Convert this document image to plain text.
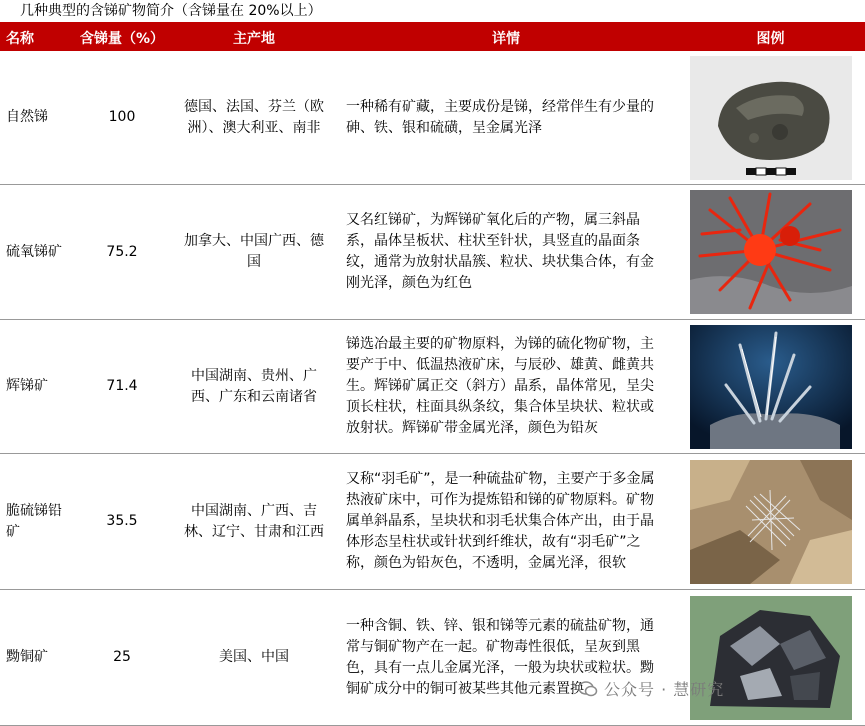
几种典型的含锑矿物简介（含锑量在 20%以上）
名称	含锑量（%）	主产地	详情	图例
自然锑	100	德国、法国、芬兰（欧洲）、澳大利亚、南非	一种稀有矿藏，主要成份是锑，经常伴生有少量的砷、铁、银和硫磺，呈金属光泽	
硫氧锑矿	75.2	加拿大、中国广西、德国	又名红锑矿，为辉锑矿氧化后的产物，属三斜晶系，晶体呈板状、柱状至针状，具竖直的晶面条纹，通常为放射状晶簇、粒状、块状集合体，有金刚光泽，颜色为红色	
辉锑矿	71.4	中国湖南、贵州、广西、广东和云南诸省	锑选冶最主要的矿物原料，为锑的硫化物矿物，主要产于中、低温热液矿床，与辰砂、雄黄、雌黄共生。辉锑矿属正交（斜方）晶系，晶体常见，呈尖顶长柱状，柱面具纵条纹，集合体呈块状、粒状或放射状。辉锑矿带金属光泽，颜色为铅灰	
脆硫锑铅矿	35.5	中国湖南、广西、吉林、辽宁、甘肃和江西	又称“羽毛矿”，是一种硫盐矿物，主要产于多金属热液矿床中，可作为提炼铅和锑的矿物原料。矿物属单斜晶系，呈块状和羽毛状集合体产出，由于晶体形态呈柱状或针状到纤维状，故有“羽毛矿”之称，颜色为铅灰色，不透明，金属光泽，很软	
黝铜矿	25	美国、中国	一种含铜、铁、锌、银和锑等元素的硫盐矿物，通常与铜矿物产在一起。矿物毒性很低，呈灰到黑色，具有一点儿金属光泽，一般为块状或粒状。黝铜矿成分中的铜可被某些其他元素置换		公众号 · 慧研究
